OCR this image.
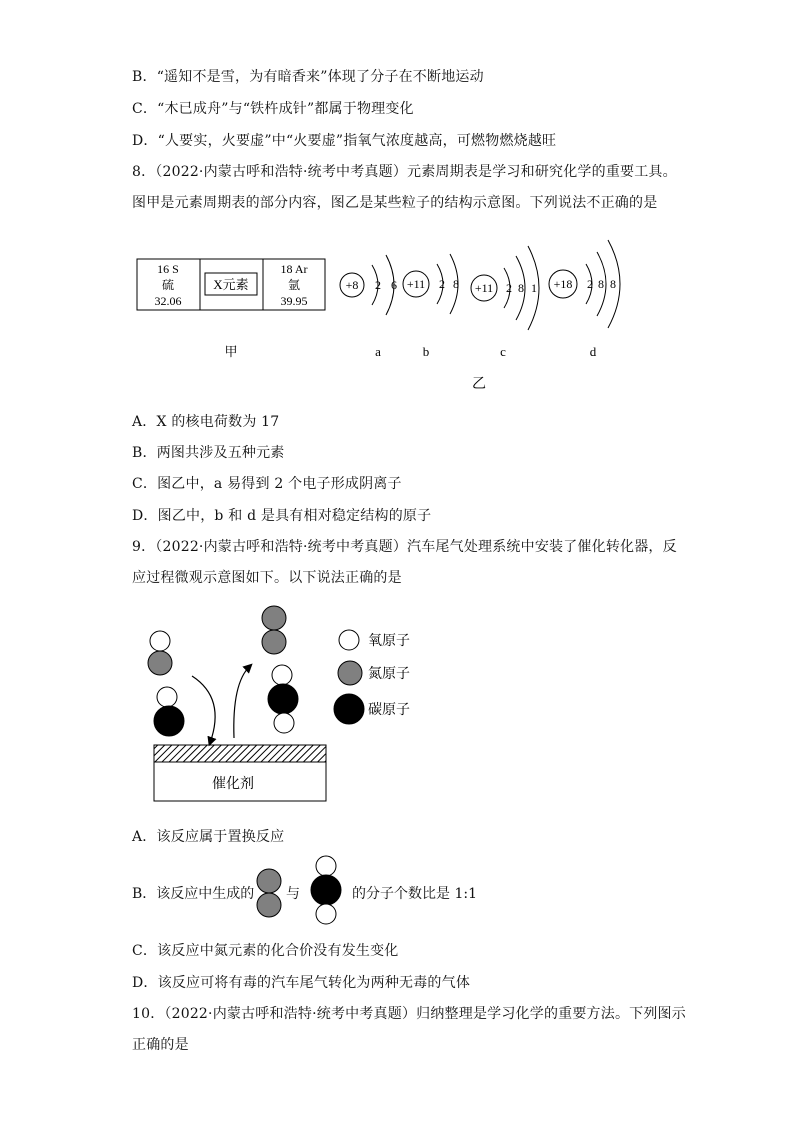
B．“遥知不是雪，为有暗香来”体现了分子在不断地运动
C．“木已成舟”与“铁杵成针”都属于物理变化
D．“人要实，火要虚”中“火要虚”指氧气浓度越高，可燃物燃烧越旺
8．（2022·内蒙古呼和浩特·统考中考真题）元素周期表是学习和研究化学的重要工具。
图甲是元素周期表的部分内容，图乙是某些粒子的结构示意图。下列说法不正确的是
16 S
硫
32.06
X元素
18 Ar
氩
39.95
甲
+8 2 6
a
+11 2 8
b
+11 2 8 1
c
+18 2 8 8
d
乙
A．X 的核电荷数为 17
B．两图共涉及五种元素
C．图乙中，a 易得到 2 个电子形成阴离子
D．图乙中，b 和 d 是具有相对稳定结构的原子
9．（2022·内蒙古呼和浩特·统考中考真题）汽车尾气处理系统中安装了催化转化器，反
应过程微观示意图如下。以下说法正确的是
催化剂
氧原子
氮原子
碳原子
A．该反应属于置换反应
B．该反应中生成的 与	的分子个数比是 1:1
C．该反应中氮元素的化合价没有发生变化
D．该反应可将有毒的汽车尾气转化为两种无毒的气体
10．（2022·内蒙古呼和浩特·统考中考真题）归纳整理是学习化学的重要方法。下列图示
正确的是
